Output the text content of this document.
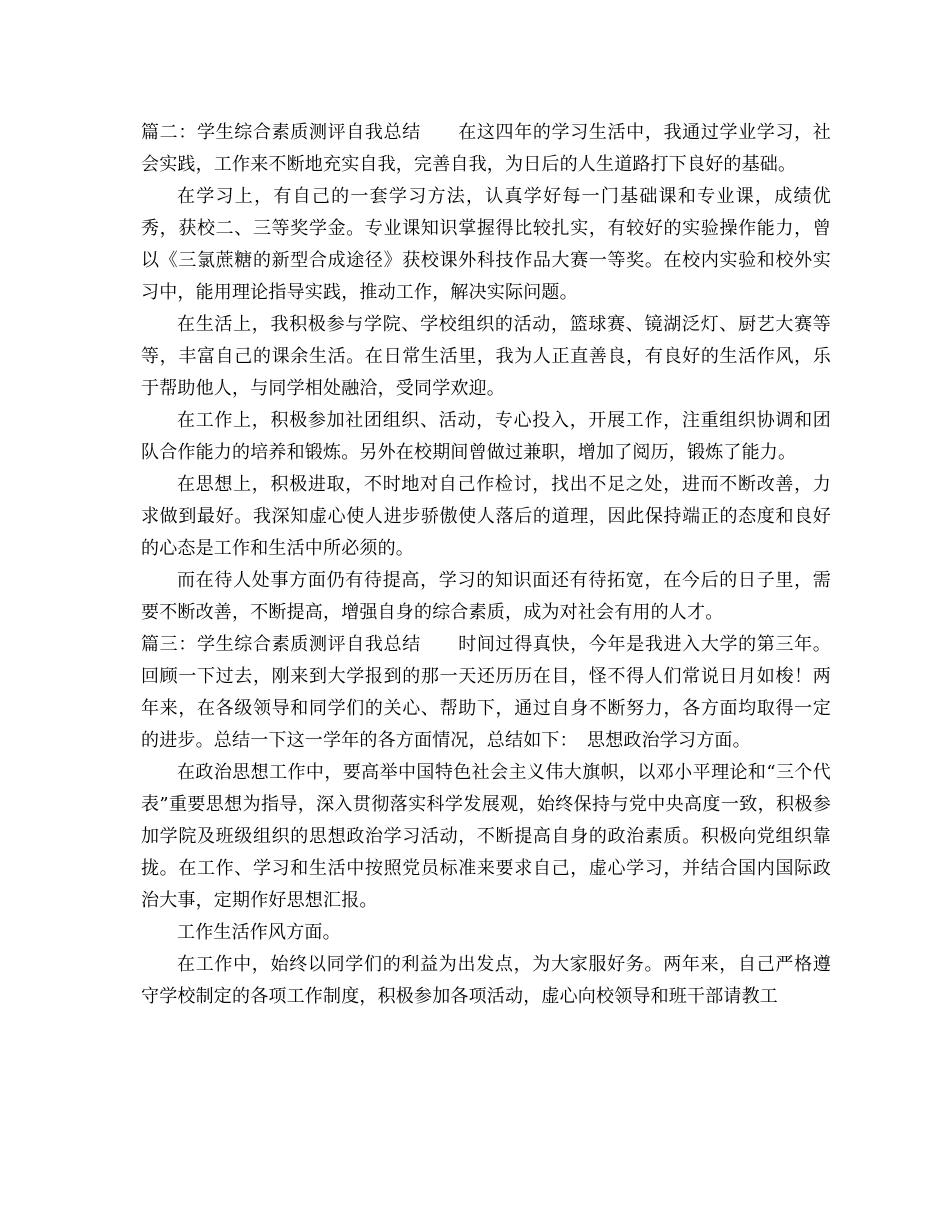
篇二：学生综合素质测评自我总结　　在这四年的学习生活中，我通过学业学习，社会实践，工作来不断地充实自我，完善自我，为日后的人生道路打下良好的基础。

在学习上，有自己的一套学习方法，认真学好每一门基础课和专业课，成绩优秀，获校二、三等奖学金。专业课知识掌握得比较扎实，有较好的实验操作能力，曾以《三氯蔗糖的新型合成途径》获校课外科技作品大赛一等奖。在校内实验和校外实习中，能用理论指导实践，推动工作，解决实际问题。

在生活上，我积极参与学院、学校组织的活动，篮球赛、镜湖泛灯、厨艺大赛等等，丰富自己的课余生活。在日常生活里，我为人正直善良，有良好的生活作风，乐于帮助他人，与同学相处融洽，受同学欢迎。

在工作上，积极参加社团组织、活动，专心投入，开展工作，注重组织协调和团队合作能力的培养和锻炼。另外在校期间曾做过兼职，增加了阅历，锻炼了能力。

在思想上，积极进取，不时地对自己作检讨，找出不足之处，进而不断改善，力求做到最好。我深知虚心使人进步骄傲使人落后的道理，因此保持端正的态度和良好的心态是工作和生活中所必须的。

而在待人处事方面仍有待提高，学习的知识面还有待拓宽，在今后的日子里，需要不断改善，不断提高，增强自身的综合素质，成为对社会有用的人才。

篇三：学生综合素质测评自我总结　　时间过得真快，今年是我进入大学的第三年。回顾一下过去，刚来到大学报到的那一天还历历在目，怪不得人们常说日月如梭！两年来，在各级领导和同学们的关心、帮助下，通过自身不断努力，各方面均取得一定的进步。总结一下这一学年的各方面情况，总结如下：　思想政治学习方面。

在政治思想工作中，要高举中国特色社会主义伟大旗帜，以邓小平理论和“三个代表”重要思想为指导，深入贯彻落实科学发展观，始终保持与党中央高度一致，积极参加学院及班级组织的思想政治学习活动，不断提高自身的政治素质。积极向党组织靠拢。在工作、学习和生活中按照党员标准来要求自己，虚心学习，并结合国内国际政治大事，定期作好思想汇报。

工作生活作风方面。

在工作中，始终以同学们的利益为出发点，为大家服好务。两年来，自己严格遵守学校制定的各项工作制度，积极参加各项活动，虚心向校领导和班干部请教工
